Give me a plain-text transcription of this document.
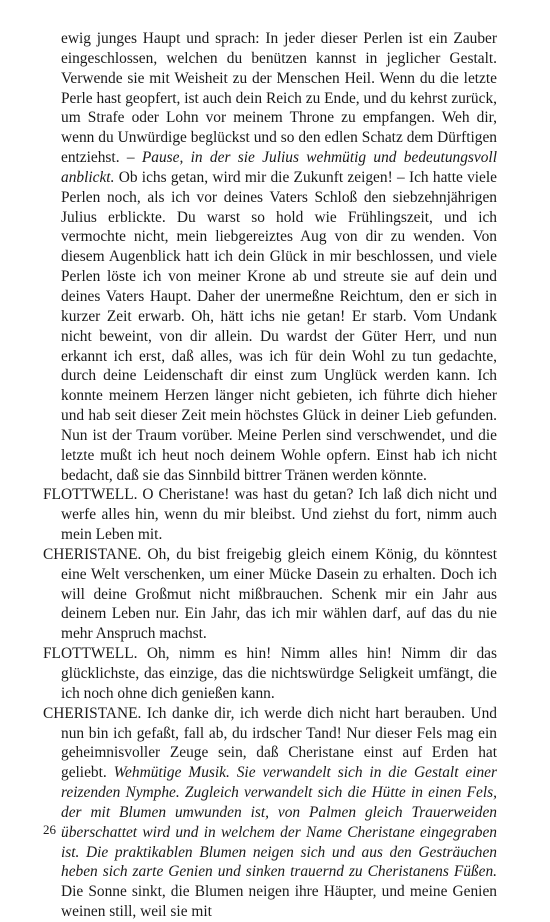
ewig junges Haupt und sprach: In jeder dieser Perlen ist ein Zauber eingeschlossen, welchen du benützen kannst in jeglicher Gestalt. Verwende sie mit Weisheit zu der Menschen Heil. Wenn du die letzte Perle hast geopfert, ist auch dein Reich zu Ende, und du kehrst zurück, um Strafe oder Lohn vor meinem Throne zu empfangen. Weh dir, wenn du Unwürdige beglückst und so den edlen Schatz dem Dürftigen entziehst. – Pause, in der sie Julius wehmütig und bedeutungsvoll anblickt. Ob ichs getan, wird mir die Zukunft zeigen! – Ich hatte viele Perlen noch, als ich vor deines Vaters Schloß den siebzehnjährigen Julius erblickte. Du warst so hold wie Frühlingszeit, und ich vermochte nicht, mein liebgereiztes Aug von dir zu wenden. Von diesem Augenblick hatt ich dein Glück in mir beschlossen, und viele Perlen löste ich von meiner Krone ab und streute sie auf dein und deines Vaters Haupt. Daher der unermeßne Reichtum, den er sich in kurzer Zeit erwarb. Oh, hätt ichs nie getan! Er starb. Vom Undank nicht beweint, von dir allein. Du wardst der Güter Herr, und nun erkannt ich erst, daß alles, was ich für dein Wohl zu tun gedachte, durch deine Leidenschaft dir einst zum Unglück werden kann. Ich konnte meinem Herzen länger nicht gebieten, ich führte dich hieher und hab seit dieser Zeit mein höchstes Glück in deiner Lieb gefunden. Nun ist der Traum vorüber. Meine Perlen sind verschwendet, und die letzte mußt ich heut noch deinem Wohle opfern. Einst hab ich nicht bedacht, daß sie das Sinnbild bittrer Tränen werden könnte.

FLOTTWELL. O Cheristane! was hast du getan? Ich laß dich nicht und werfe alles hin, wenn du mir bleibst. Und ziehst du fort, nimm auch mein Leben mit.

CHERISTANE. Oh, du bist freigebig gleich einem König, du könntest eine Welt verschenken, um einer Mücke Dasein zu erhalten. Doch ich will deine Großmut nicht mißbrauchen. Schenk mir ein Jahr aus deinem Leben nur. Ein Jahr, das ich mir wählen darf, auf das du nie mehr Anspruch machst.

FLOTTWELL. Oh, nimm es hin! Nimm alles hin! Nimm dir das glücklichste, das einzige, das die nichtswürdge Seligkeit umfängt, die ich noch ohne dich genießen kann.

CHERISTANE. Ich danke dir, ich werde dich nicht hart berauben. Und nun bin ich gefaßt, fall ab, du irdscher Tand! Nur dieser Fels mag ein geheimnisvoller Zeuge sein, daß Cheristane einst auf Erden hat geliebt. Wehmütige Musik. Sie verwandelt sich in die Gestalt einer reizenden Nymphe. Zugleich verwandelt sich die Hütte in einen Fels, der mit Blumen umwunden ist, von Palmen gleich Trauerweiden überschattet wird und in welchem der Name Cheristane eingegraben ist. Die praktikablen Blumen neigen sich und aus den Gesträuchen heben sich zarte Genien und sinken trauernd zu Cheristanens Füßen. Die Sonne sinkt, die Blumen neigen ihre Häupter, und meine Genien weinen still, weil sie mit

26
